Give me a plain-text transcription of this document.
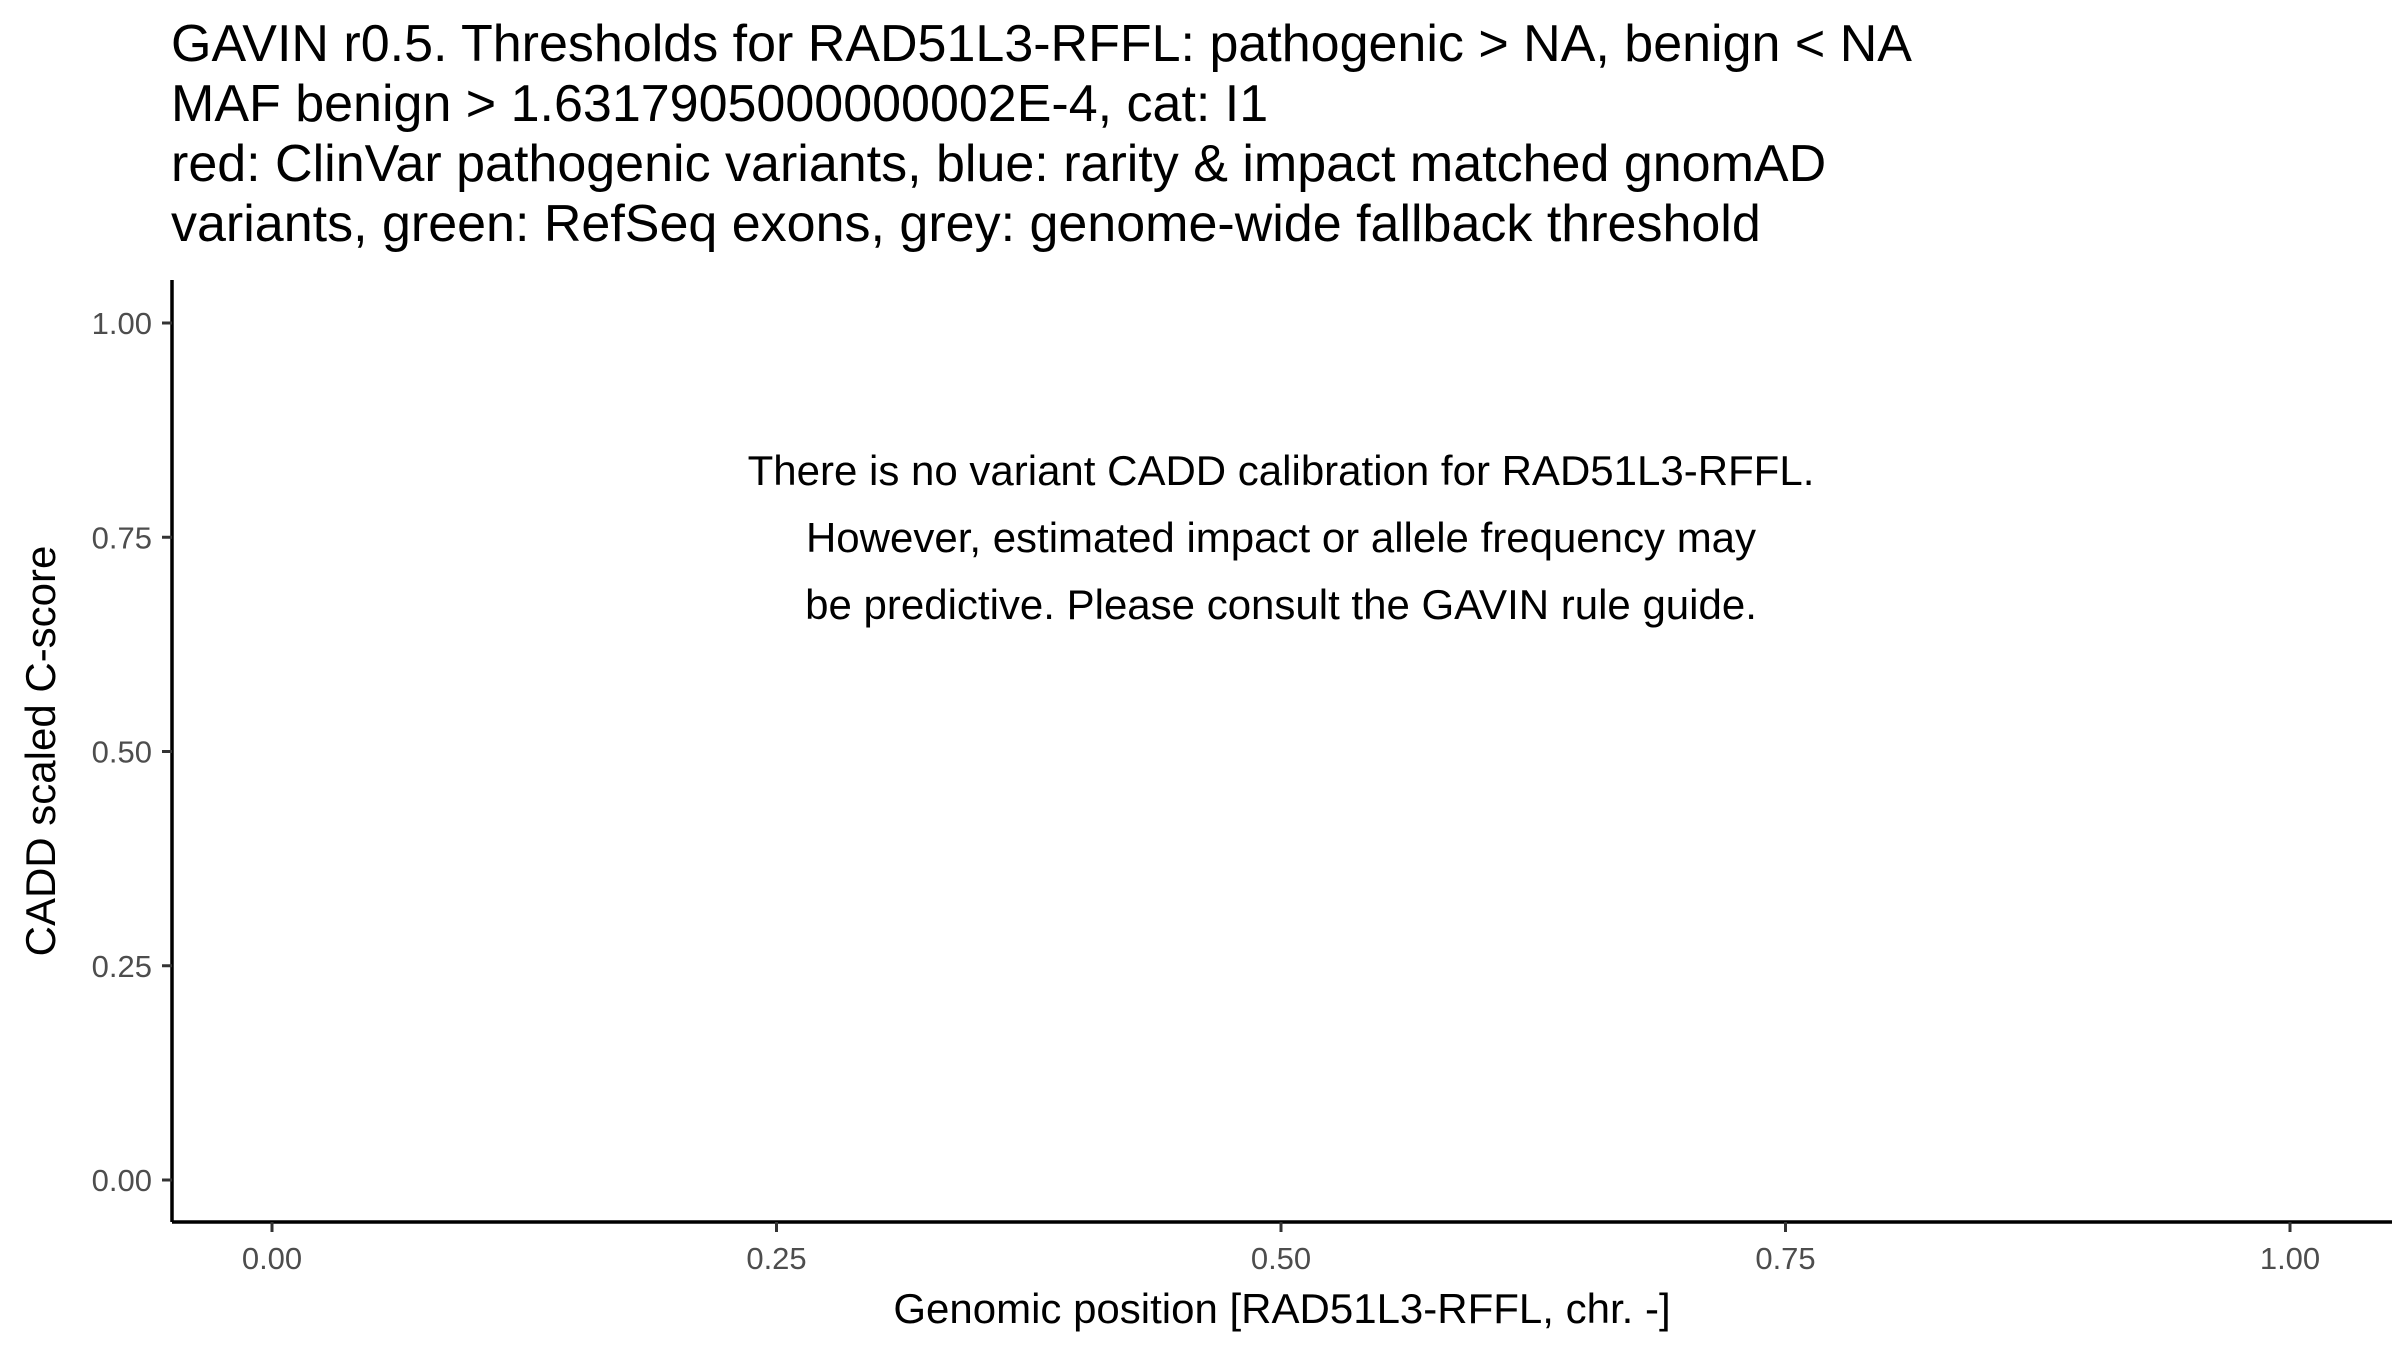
GAVIN r0.5. Thresholds for RAD51L3-RFFL: pathogenic > NA, benign < NA
MAF benign > 1.6317905000000002E-4, cat: I1
red: ClinVar pathogenic variants, blue: rarity & impact matched gnomAD
variants, green: RefSeq exons, grey: genome-wide fallback threshold
0.00
0.25
0.50
0.75
1.00
0.00	0.25	0.50	0.75	1.00
There is no variant CADD calibration for RAD51L3-RFFL.
However, estimated impact or allele frequency may
be predictive. Please consult the GAVIN rule guide.
Genomic position [RAD51L3-RFFL, chr. -]
CADD scaled C-score
